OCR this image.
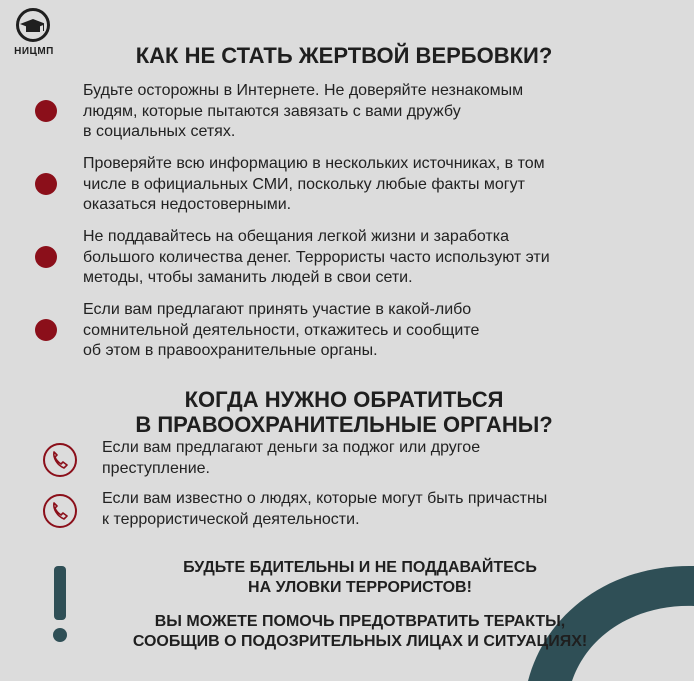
НИЦМП	КАК НЕ СТАТЬ ЖЕРТВОЙ ВЕРБОВКИ?
Будьте осторожны в Интернете. Не доверяйте незнакомым
людям, которые пытаются завязать с вами дружбу
в социальных сетях.
Проверяйте всю информацию в нескольких источниках, в том
числе в официальных СМИ, поскольку любые факты могут
оказаться недостоверными.
Не поддавайтесь на обещания легкой жизни и заработка
большого количества денег. Террористы часто используют эти
методы, чтобы заманить людей в свои сети.
Если вам предлагают принять участие в какой-либо
сомнительной деятельности, откажитесь и сообщите
об этом в правоохранительные органы.
КОГДА НУЖНО ОБРАТИТЬСЯ
В ПРАВООХРАНИТЕЛЬНЫЕ ОРГАНЫ?
Если вам предлагают деньги за поджог или другое
преступление.
Если вам известно о людях, которые могут быть причастны
к террористической деятельности.
БУДЬТЕ БДИТЕЛЬНЫ И НЕ ПОДДАВАЙТЕСЬ
НА УЛОВКИ ТЕРРОРИСТОВ!
ВЫ МОЖЕТЕ ПОМОЧЬ ПРЕДОТВРАТИТЬ ТЕРАКТЫ,
СООБЩИВ О ПОДОЗРИТЕЛЬНЫХ ЛИЦАХ И СИТУАЦИЯХ!
